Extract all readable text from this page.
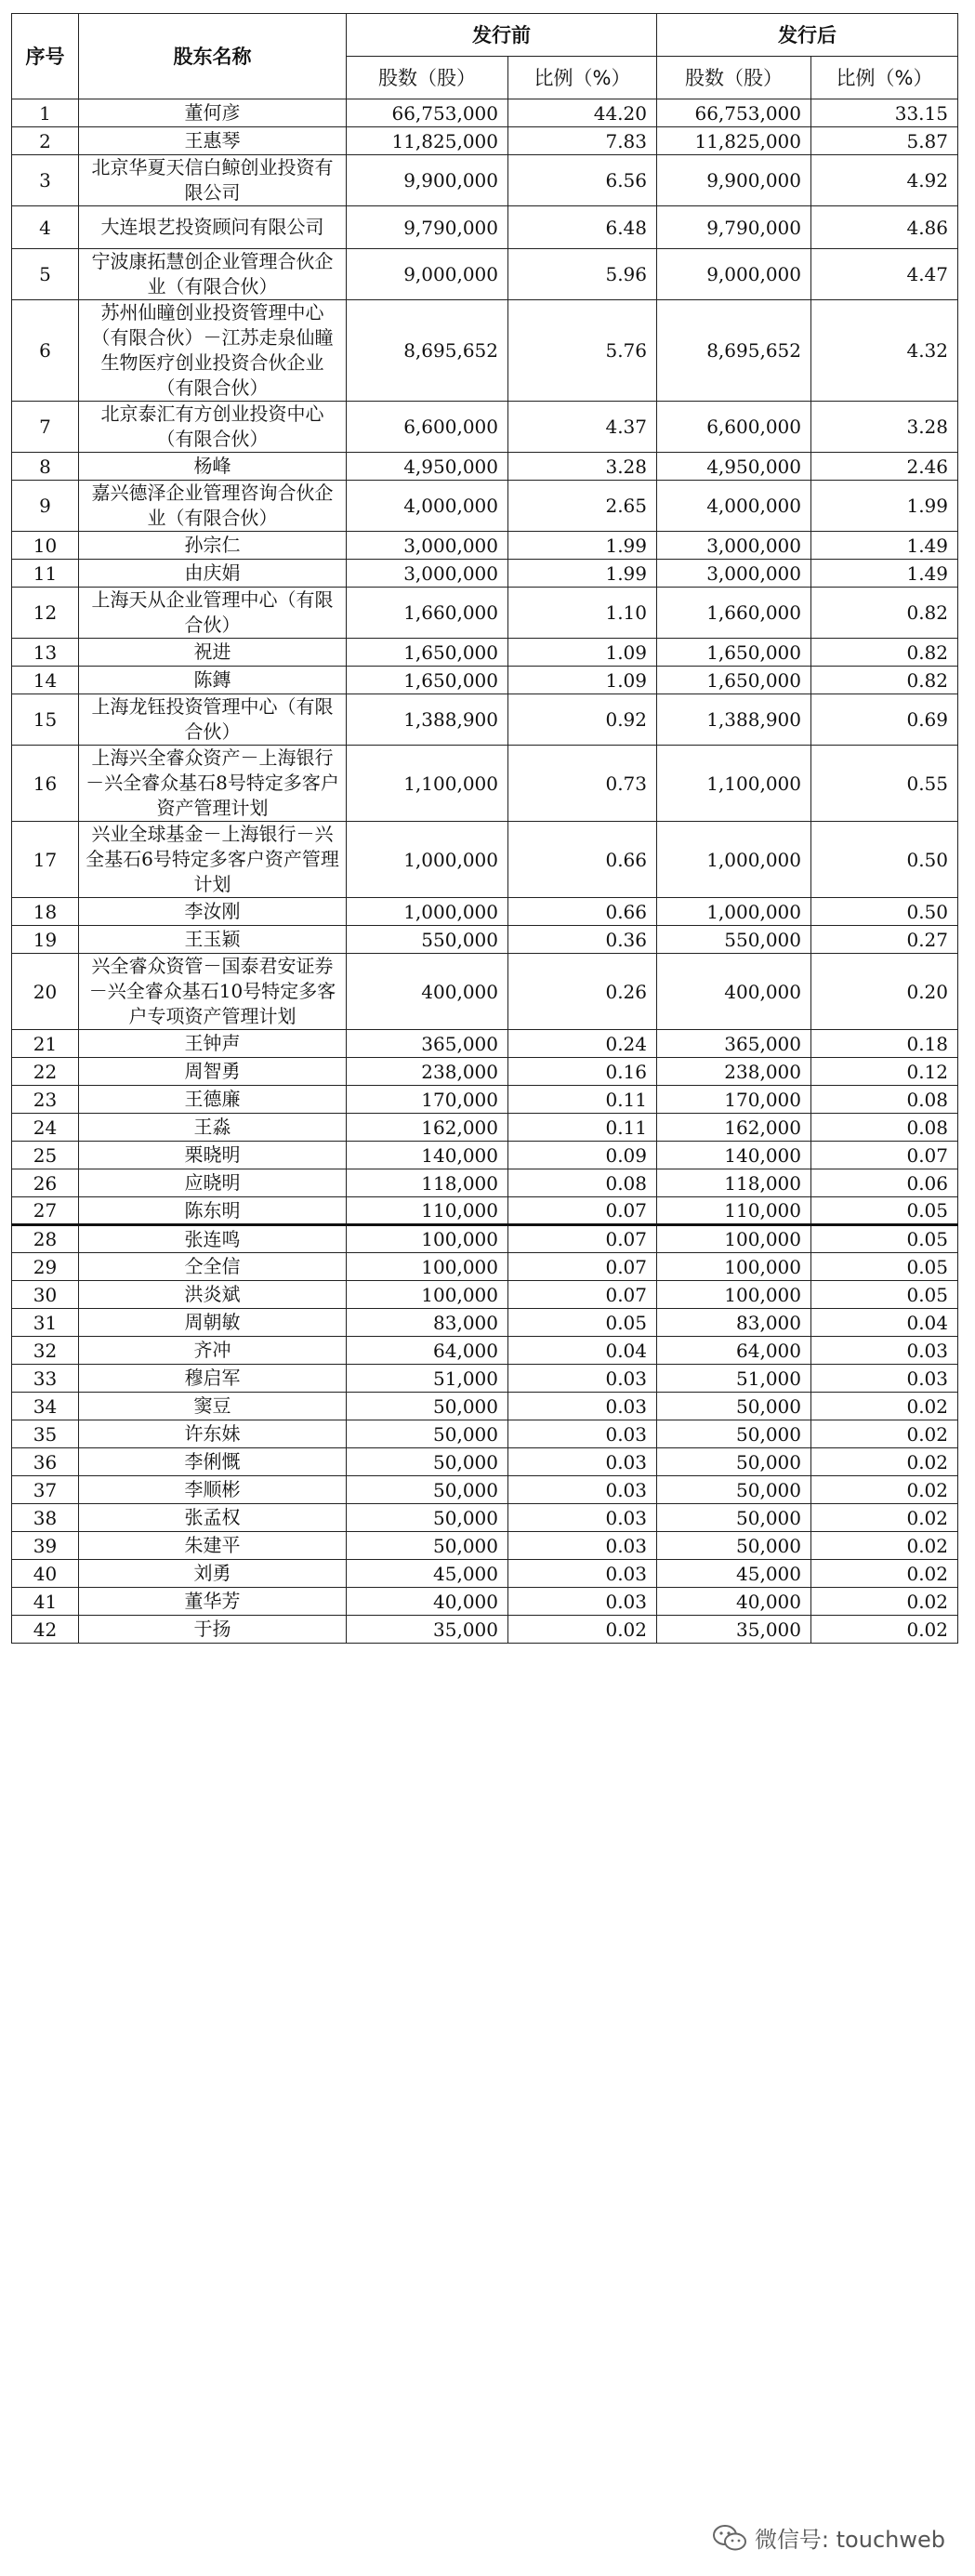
序号	股东名称	发行前		发行后	
		股数（股）	比例（%）	股数（股）	比例（%）
1	董何彦	66,753,000	44.20	66,753,000	33.15
2	王惠琴	11,825,000	7.83	11,825,000	5.87
3	北京华夏天信白鲸创业投资有限公司	9,900,000	6.56	9,900,000	4.92
4	大连垠艺投资顾问有限公司	9,790,000	6.48	9,790,000	4.86
5	宁波康拓慧创企业管理合伙企业（有限合伙）	9,000,000	5.96	9,000,000	4.47
6	苏州仙瞳创业投资管理中心（有限合伙）－江苏走泉仙瞳生物医疗创业投资合伙企业（有限合伙）	8,695,652	5.76	8,695,652	4.32
7	北京泰汇有方创业投资中心（有限合伙）	6,600,000	4.37	6,600,000	3.28
8	杨峰	4,950,000	3.28	4,950,000	2.46
9	嘉兴德泽企业管理咨询合伙企业（有限合伙）	4,000,000	2.65	4,000,000	1.99
10	孙宗仁	3,000,000	1.99	3,000,000	1.49
11	由庆娟	3,000,000	1.99	3,000,000	1.49
12	上海天从企业管理中心（有限合伙）	1,660,000	1.10	1,660,000	0.82
13	祝进	1,650,000	1.09	1,650,000	0.82
14	陈鏄	1,650,000	1.09	1,650,000	0.82
15	上海龙钰投资管理中心（有限合伙）	1,388,900	0.92	1,388,900	0.69
16	上海兴全睿众资产－上海银行－兴全睿众基石8号特定多客户资产管理计划	1,100,000	0.73	1,100,000	0.55
17	兴业全球基金－上海银行－兴全基石6号特定多客户资产管理计划	1,000,000	0.66	1,000,000	0.50
18	李汝刚	1,000,000	0.66	1,000,000	0.50
19	王玉颖	550,000	0.36	550,000	0.27
20	兴全睿众资管－国泰君安证券－兴全睿众基石10号特定多客户专项资产管理计划	400,000	0.26	400,000	0.20
21	王钟声	365,000	0.24	365,000	0.18
22	周智勇	238,000	0.16	238,000	0.12
23	王德廉	170,000	0.11	170,000	0.08
24	王淼	162,000	0.11	162,000	0.08
25	栗晓明	140,000	0.09	140,000	0.07
26	应晓明	118,000	0.08	118,000	0.06
27	陈东明	110,000	0.07	110,000	0.05
28	张连鸣	100,000	0.07	100,000	0.05
29	仝全信	100,000	0.07	100,000	0.05
30	洪炎斌	100,000	0.07	100,000	0.05
31	周朝敏	83,000	0.05	83,000	0.04
32	齐冲	64,000	0.04	64,000	0.03
33	穆启军	51,000	0.03	51,000	0.03
34	窦豆	50,000	0.03	50,000	0.02
35	许东妹	50,000	0.03	50,000	0.02
36	李俐慨	50,000	0.03	50,000	0.02
37	李顺彬	50,000	0.03	50,000	0.02
38	张孟权	50,000	0.03	50,000	0.02
39	朱建平	50,000	0.03	50,000	0.02
40	刘勇	45,000	0.03	45,000	0.02
41	董华芳	40,000	0.03	40,000	0.02
42	于扬	35,000	0.02	35,000	0.02
微信号: touchweb
